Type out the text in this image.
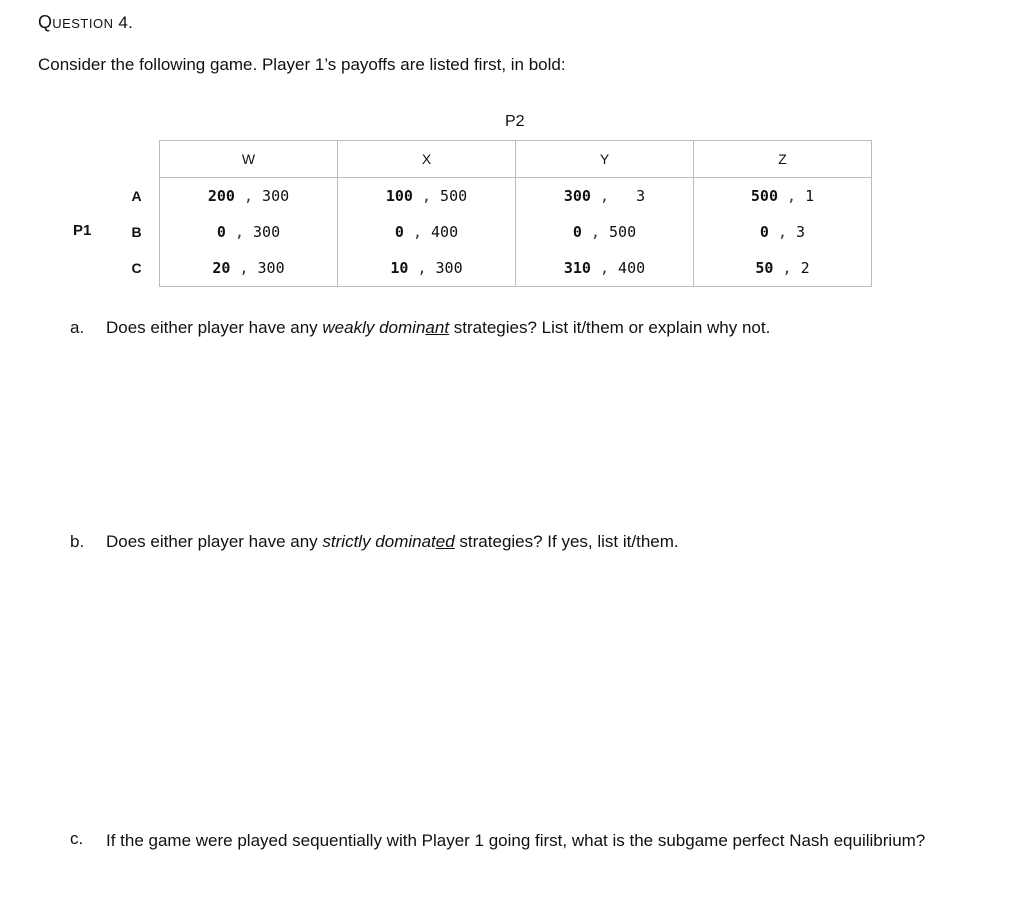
QUESTION 4.
Consider the following game. Player 1’s payoffs are listed first, in bold:
P2
P1
	W	X	Y	Z
A	200 , 300	100 , 500	300 ,   3	500 , 1
B	0 , 300	0 , 400	0 , 500	0 , 3
C	20 , 300	10 , 300	310 , 400	50 , 2
a. Does either player have any weakly dominant strategies? List it/them or explain why not.
b. Does either player have any strictly dominated strategies? If yes, list it/them.
c. If the game were played sequentially with Player 1 going first, what is the subgame perfect Nash equilibrium?
